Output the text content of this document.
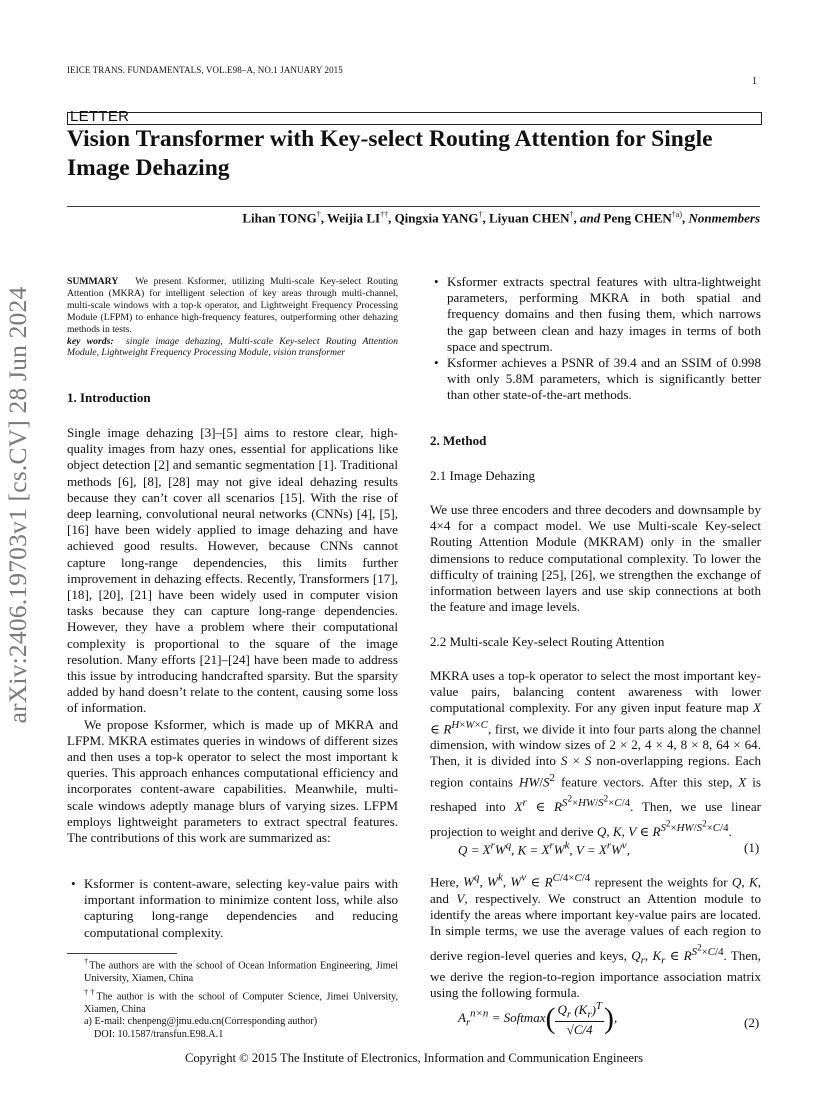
arXiv:2406.19703v1 [cs.CV] 28 Jun 2024
IEICE TRANS. FUNDAMENTALS, VOL.E98–A, NO.1 JANUARY 2015
1
LETTER
Vision Transformer with Key-select Routing Attention for Single Image Dehazing
Lihan TONG†, Weijia LI††, Qingxia YANG†, Liyuan CHEN†, and Peng CHEN$^{\dagger a)}$, Nonmembers
SUMMARY We present Ksformer, utilizing Multi-scale Key-select Routing Attention (MKRA) for intelligent selection of key areas through multi-channel, multi-scale windows with a top-k operator, and Lightweight Frequency Processing Module (LFPM) to enhance high-frequency features, outperforming other dehazing methods in tests.
key words: single image dehazing, Multi-scale Key-select Routing Attention Module, Lightweight Frequency Processing Module, vision transformer
1. Introduction

Single image dehazing [3]–[5] aims to restore clear, high-quality images from hazy ones, essential for applications like object detection [2] and semantic segmentation [1]. Traditional methods [6], [8], [28] may not give ideal dehazing results because they can’t cover all scenarios [15]. With the rise of deep learning, convolutional neural networks (CNNs) [4], [5], [16] have been widely applied to image dehazing and have achieved good results. However, because CNNs cannot capture long-range dependencies, this limits further improvement in dehazing effects. Recently, Transformers [17], [18], [20], [21] have been widely used in computer vision tasks because they can capture long-range dependencies. However, they have a problem where their computational complexity is proportional to the square of the image resolution. Many efforts [21]–[24] have been made to address this issue by introducing handcrafted sparsity. But the sparsity added by hand doesn’t relate to the content, causing some loss of information.

We propose Ksformer, which is made up of MKRA and LFPM. MKRA estimates queries in windows of different sizes and then uses a top-k operator to select the most important k queries. This approach enhances computational efficiency and incorporates content-aware capabilities. Meanwhile, multi-scale windows adeptly manage blurs of varying sizes. LFPM employs lightweight parameters to extract spectral features. The contributions of this work are summarized as:

• Ksformer is content-aware, selecting key-value pairs with important information to minimize content loss, while also capturing long-range dependencies and reducing computational complexity.

†The authors are with the school of Ocean Information Engineering, Jimei University, Xiamen, China

††The author is with the school of Computer Science, Jimei University, Xiamen, China

a) E-mail: chenpeng@jmu.edu.cn(Corresponding author)

DOI: 10.1587/transfun.E98.A.1

• Ksformer extracts spectral features with ultra-lightweight parameters, performing MKRA in both spatial and frequency domains and then fusing them, which narrows the gap between clean and hazy images in terms of both space and spectrum.
• Ksformer achieves a PSNR of 39.4 and an SSIM of 0.998 with only 5.8M parameters, which is significantly better than other state-of-the-art methods.
2. Method
2.1 Image Dehazing

We use three encoders and three decoders and downsample by 4×4 for a compact model. We use Multi-scale Key-select Routing Attention Module (MKRAM) only in the smaller dimensions to reduce computational complexity. To lower the difficulty of training [25], [26], we strengthen the exchange of information between layers and use skip connections at both the feature and image levels.

2.2 Multi-scale Key-select Routing Attention

MKRA uses a top-k operator to select the most important key-value pairs, balancing content awareness with lower computational complexity. For any given input feature map X ∈ $R^{H\times W\times C}$, first, we divide it into four parts along the channel dimension, with window sizes of 2 × 2, 4 × 4, 8 × 8, 64 × 64. Then, it is divided into S × S non-overlapping regions. Each region contains $HW/S^2$ feature vectors. After this step, X is reshaped into $X^r$ ∈ $R^{S^2\times HW/S^2\times C/4}$. Then, we use linear projection to weight and derive Q, K, V ∈ $R^{S^2\times HW/S^2\times C/4}$.

$Q = X^rW^q$, $K = X^rW^k$, $V = X^rW^v$,	(1)

Here, $W^q$, $W^k$, $W^v$ ∈ $R^{C/4\times C/4}$ represent the weights for Q, K, and V, respectively. We construct an Attention module to identify the areas where important key-value pairs are located. In simple terms, we use the average values of each region to derive region-level queries and keys, $Q_r$, $K_r$ ∈ $R^{S^2\times C/4}$. Then, we derive the region-to-region importance association matrix using the following formula.

$A_r^{n\times n}$ = Softmax( $\frac{Q_r (K_r)^T}{√C/4}$ ),	(2)
Copyright © 2015 The Institute of Electronics, Information and Communication Engineers
